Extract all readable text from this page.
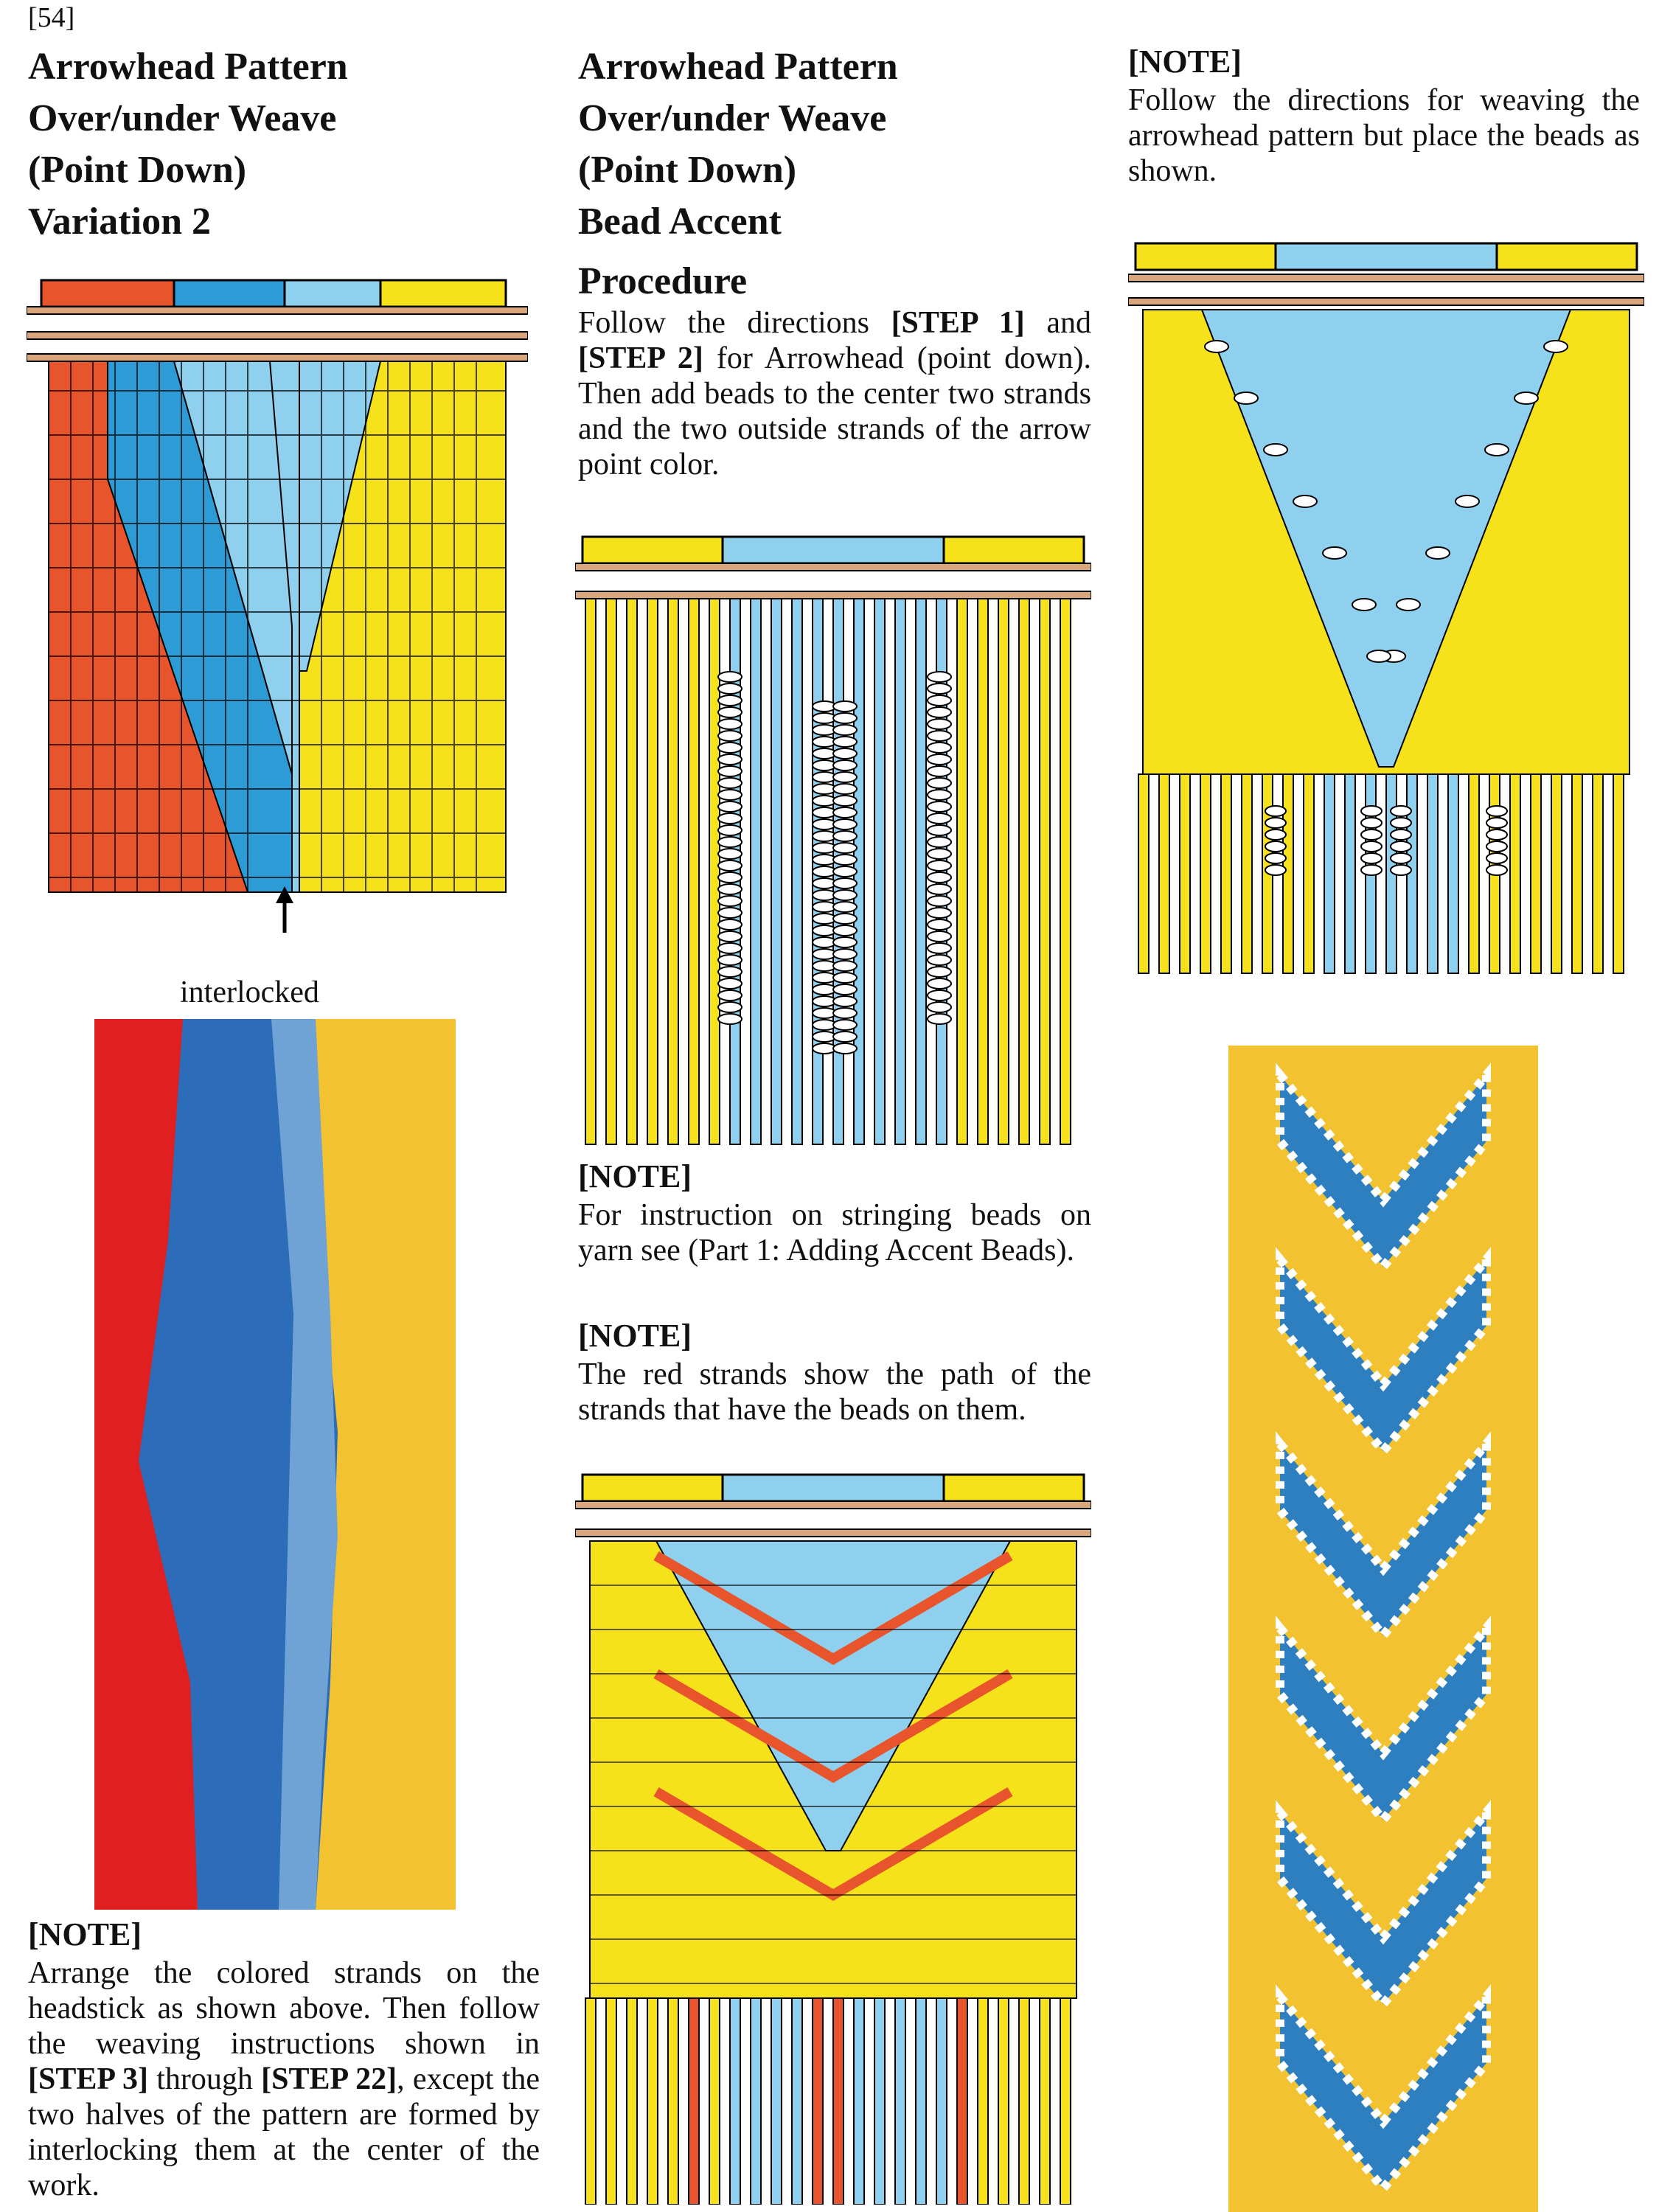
[54]
Arrowhead Pattern
Over/under Weave
(Point Down)
Variation 2
interlocked
[NOTE]
Arrange the colored strands on the headstick as shown above. Then follow the weaving instructions shown in [STEP 3] through [STEP 22], except the two halves of the pattern are formed by interlocking them at the center of the work.
Arrowhead Pattern
Over/under Weave
(Point Down)
Bead Accent
Procedure
Follow the directions [STEP 1] and [STEP 2] for Arrowhead (point down). Then add beads to the center two strands and the two outside strands of the arrow point color.
[NOTE]
For instruction on stringing beads on yarn see (Part 1: Adding Accent Beads).
[NOTE]
The red strands show the path of the strands that have the beads on them.
[NOTE]
Follow the directions for weaving the arrowhead pattern but place the beads as shown.
